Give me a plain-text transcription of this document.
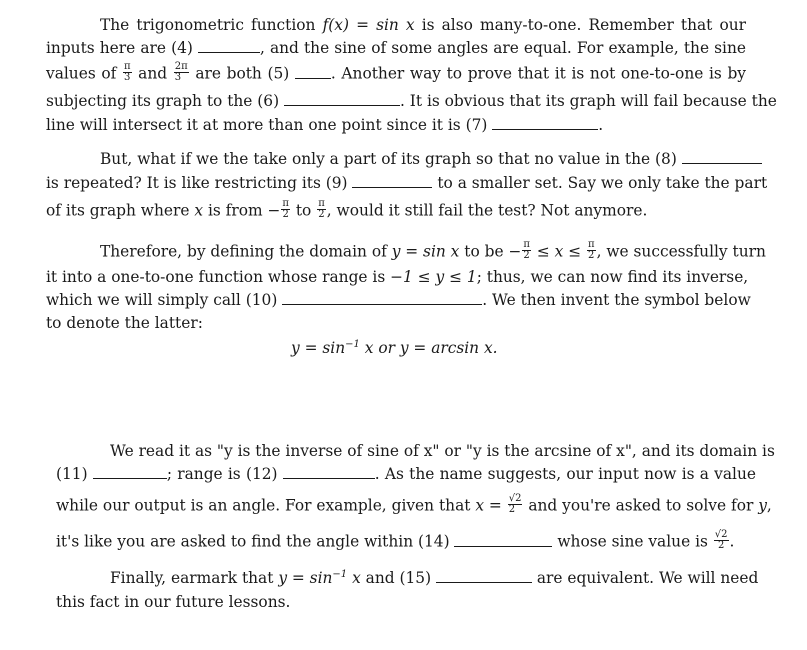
The trigonometric function f(x) = sin x is also many-to-one. Remember that our
inputs here are (4)	, and the sine of some angles are equal. For example, the sine
values of $\frac{\pi}{3}$ and $\frac{2\pi}{3}$ are both (5) . Another way to prove that it is not one-to-one is by
subjecting its graph to the (6)	. It is obvious that its graph will fail because the
line will intersect it at more than one point since it is (7)	.
But, what if we the take only a part of its graph so that no value in the (8)
is repeated? It is like restricting its (9)	to a smaller set. Say we only take the part
of its graph where x is from − $\frac{\pi}{2}$ to $\frac{\pi}{2}$ , would it still fail the test? Not anymore.
Therefore, by defining the domain of y = sin x to be − $\frac{\pi}{2} \le x \le \frac{\pi}{2}$ , we successfully turn
it into a one-to-one function whose range is −1 ≤ y ≤ 1; thus, we can now find its inverse,
which we will simply call (10)	. We then invent the symbol below
to denote the latter:
$y = \sin^{-1} x$ or y = arcsin x.
We read it as "y is the inverse of sine of x" or "y is the arcsine of x", and its domain is
(11)	; range is (12)	. As the name suggests, our input now is a value
while our output is an angle. For example, given that $x = \frac{√2}{2}$ and you're asked to solve for y,
it's like you are asked to find the angle within (14)	whose sine value is $\frac{√2}{2}$ .
Finally, earmark that $y = \sin^{-1} x$ and (15)	are equivalent. We will need
this fact in our future lessons.
